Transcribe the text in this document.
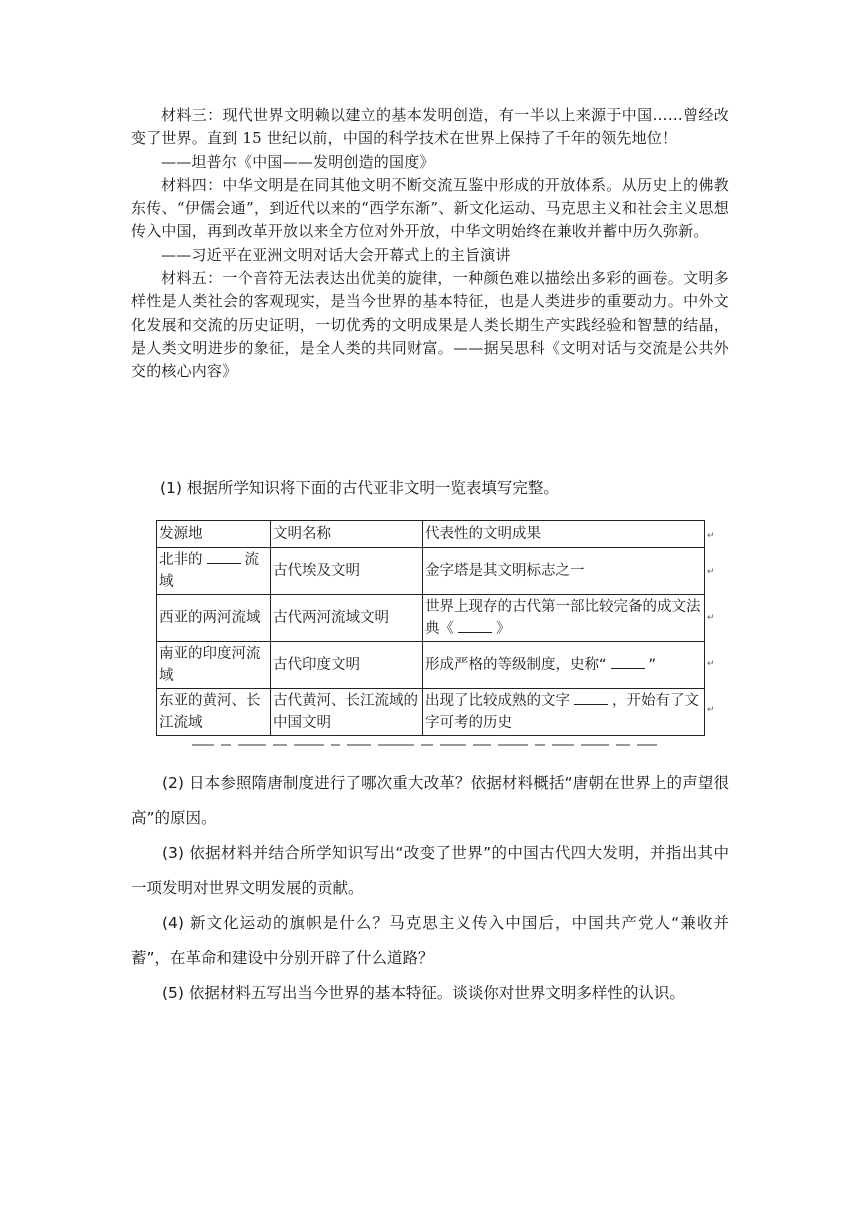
材料三：现代世界文明赖以建立的基本发明创造，有一半以上来源于中国……曾经改变了世界。直到 15 世纪以前，中国的科学技术在世界上保持了千年的领先地位！

——坦普尔《中国——发明创造的国度》

材料四：中华文明是在同其他文明不断交流互鉴中形成的开放体系。从历史上的佛教东传、“伊儒会通”，到近代以来的“西学东渐”、新文化运动、马克思主义和社会主义思想传入中国，再到改革开放以来全方位对外开放，中华文明始终在兼收并蓄中历久弥新。

——习近平在亚洲文明对话大会开幕式上的主旨演讲

材料五：一个音符无法表达出优美的旋律，一种颜色难以描绘出多彩的画卷。文明多样性是人类社会的客观现实，是当今世界的基本特征，也是人类进步的重要动力。中外文化发展和交流的历史证明，一切优秀的文明成果是人类长期生产实践经验和智慧的结晶，是人类文明进步的象征，是全人类的共同财富。——据吴思科《文明对话与交流是公共外交的核心内容》

(1) 根据所学知识将下面的古代亚非文明一览表填写完整。
发源地	文明名称	代表性的文明成果
北非的 流域	古代埃及文明	金字塔是其文明标志之一
西亚的两河流域	古代两河流域文明	世界上现存的古代第一部比较完备的成文法典《 》
南亚的印度河流域	古代印度文明	形成严格的等级制度，史称“ ”
东亚的黄河、长江流域	古代黄河、长江流域的中国文明	出现了比较成熟的文字 ，开始有了文字可考的历史
↵
↵
↵
↵
↵

(2) 日本参照隋唐制度进行了哪次重大改革？依据材料概括“唐朝在世界上的声望很高”的原因。

(3) 依据材料并结合所学知识写出“改变了世界”的中国古代四大发明，并指出其中一项发明对世界文明发展的贡献。

(4) 新文化运动的旗帜是什么？马克思主义传入中国后，中国共产党人“兼收并蓄”，在革命和建设中分别开辟了什么道路？

(5) 依据材料五写出当今世界的基本特征。谈谈你对世界文明多样性的认识。
